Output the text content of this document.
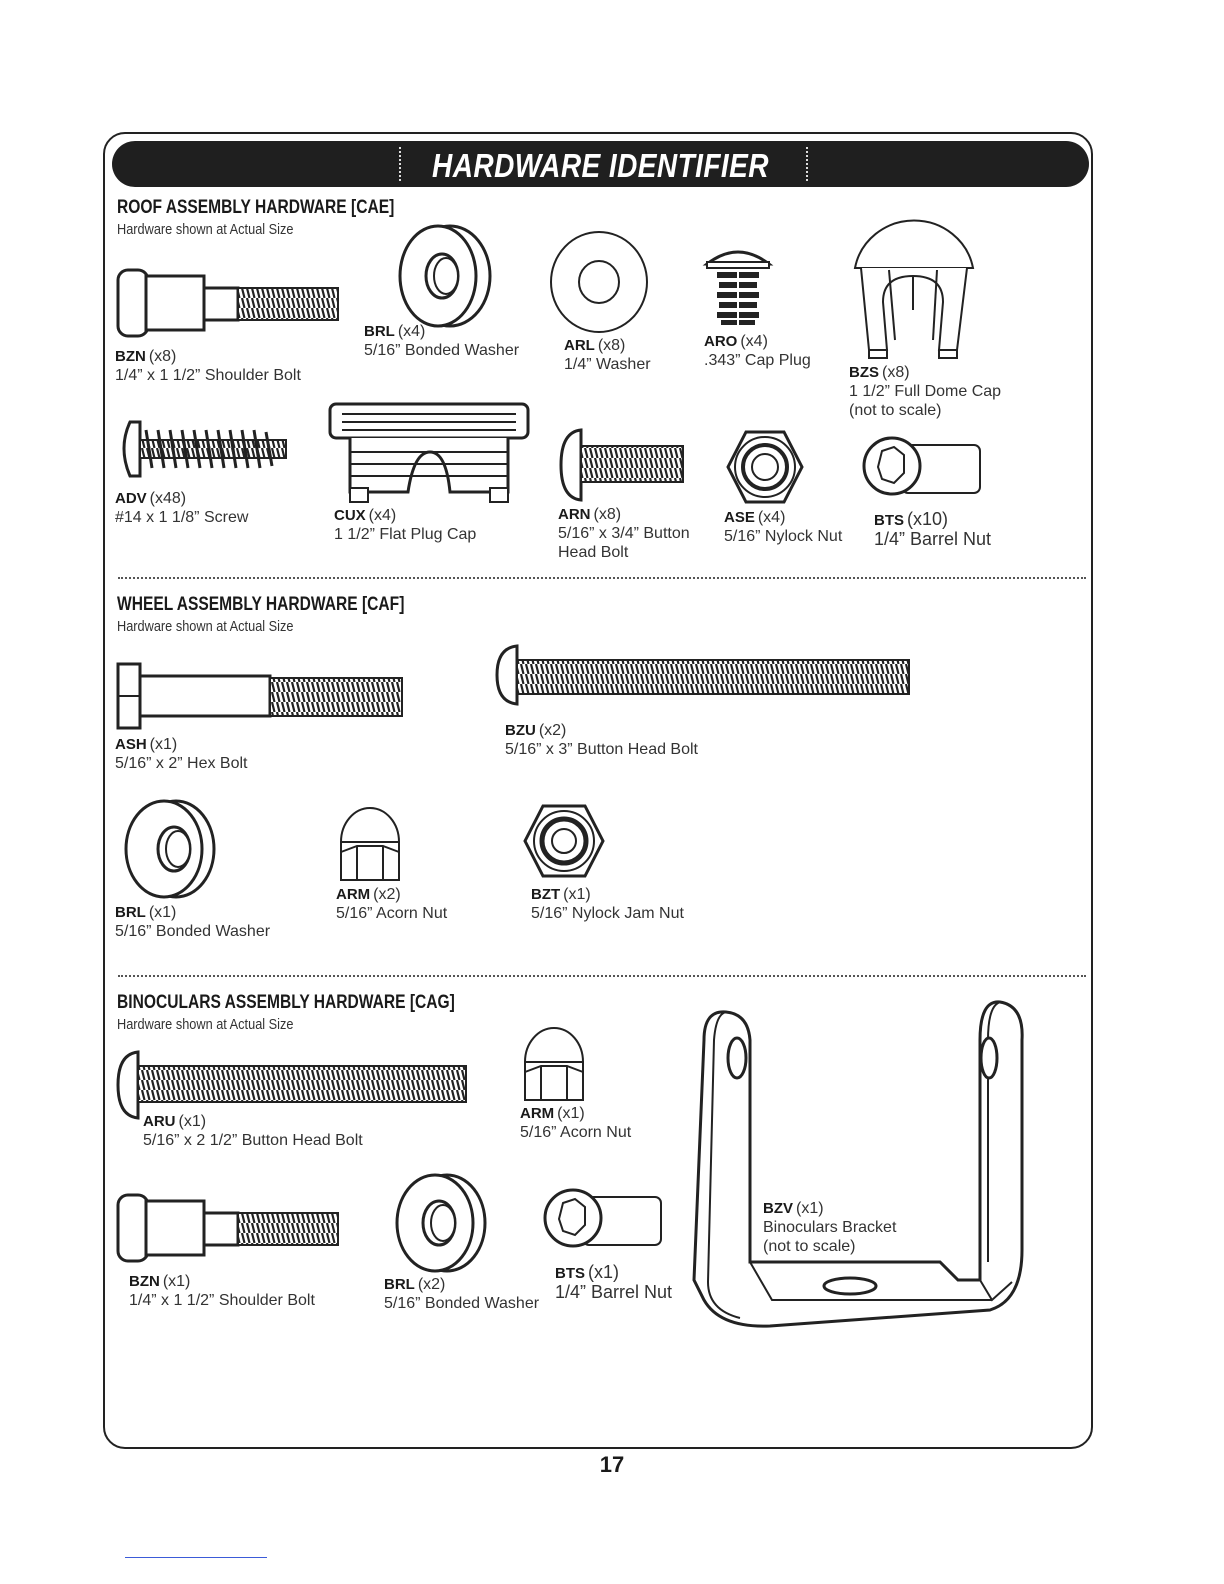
HARDWARE IDENTIFIER
ROOF ASSEMBLY HARDWARE [CAE]
Hardware shown at Actual Size
BZN (x8)
1/4” x 1 1/2” Shoulder Bolt
BRL (x4)
5/16” Bonded Washer	ARL (x8)
1/4” Washer
ARO (x4)
.343” Cap Plug
BZS (x8)
1 1/2” Full Dome Cap
(not to scale)
ADV (x48)
#14 x 1 1/8” Screw	CUX (x4)
1 1/2” Flat Plug Cap
ARN (x8)
5/16” x 3/4” Button
Head Bolt
ASE (x4)
5/16” Nylock Nut
BTS (x10)
1/4” Barrel Nut
WHEEL ASSEMBLY HARDWARE [CAF]
Hardware shown at Actual Size
ASH (x1)
5/16” x 2” Hex Bolt
BZU (x2)
5/16” x 3” Button Head Bolt
BRL (x1)
5/16” Bonded Washer
ARM (x2)
5/16” Acorn Nut
BZT (x1)
5/16” Nylock Jam Nut
BINOCULARS ASSEMBLY HARDWARE [CAG]
Hardware shown at Actual Size
ARU (x1)
5/16” x 2 1/2” Button Head Bolt
ARM (x1)
5/16” Acorn Nut
BZV (x1)
Binoculars Bracket
(not to scale)
BZN (x1)
1/4” x 1 1/2” Shoulder Bolt
BRL (x2)
5/16” Bonded Washer
BTS (x1)
1/4” Barrel Nut
17
